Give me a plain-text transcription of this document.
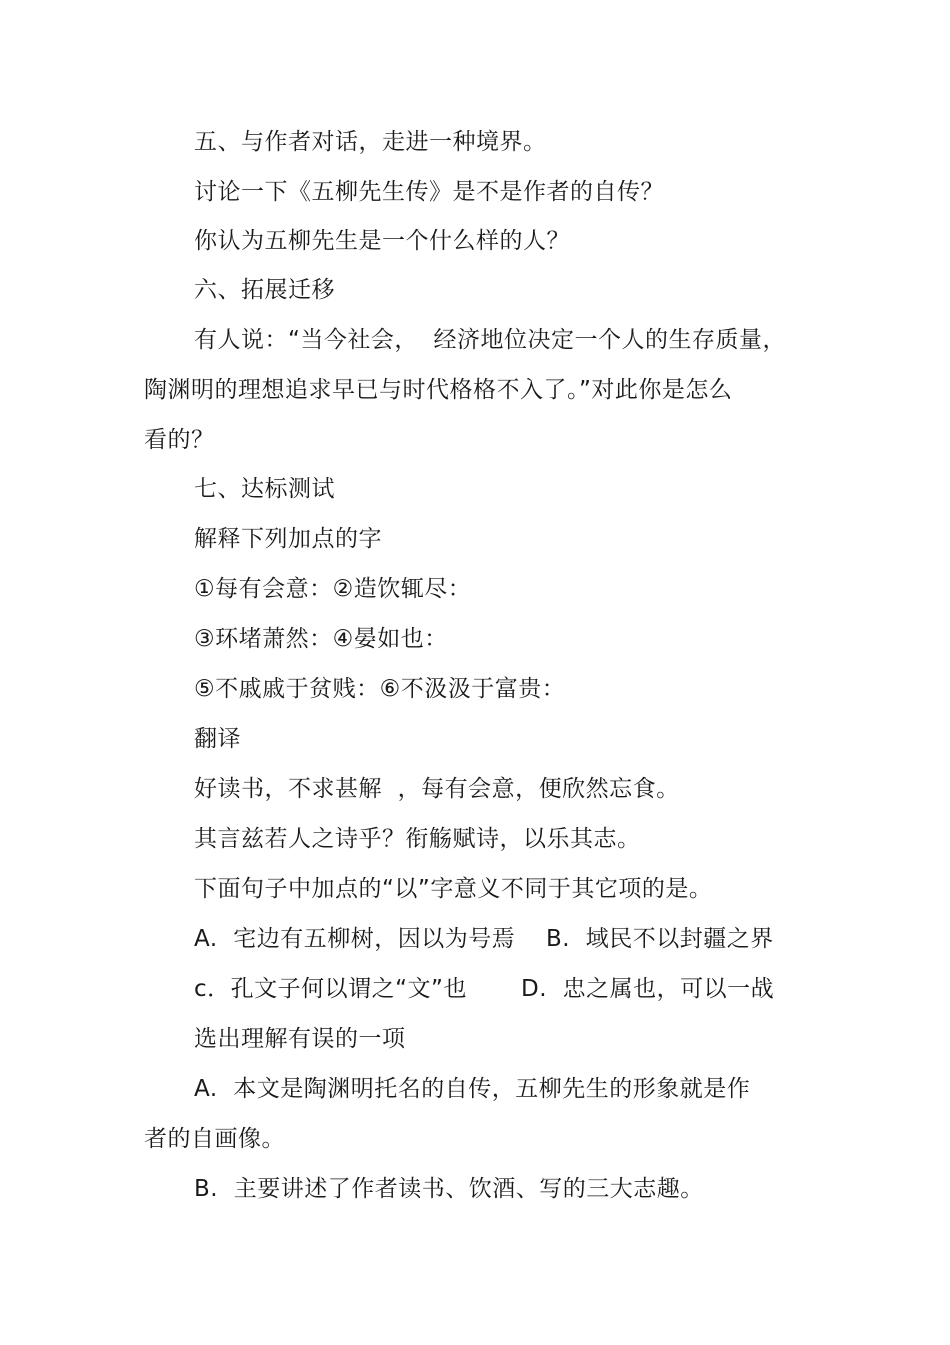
五、与作者对话，走进一种境界。
讨论一下《五柳先生传》是不是作者的自传？
你认为五柳先生是一个什么样的人？
六、拓展迁移
有人说：“当今社会，  经济地位决定一个人的生存质量，
陶渊明的理想追求早已与时代格格不入了。”对此你是怎么
看的？
七、达标测试
解释下列加点的字
①每有会意：②造饮辄尽：
③环堵萧然：④晏如也：
⑤不戚戚于贫贱：⑥不汲汲于富贵：
翻译
好读书，不求甚解  ，每有会意，便欣然忘食。
其言兹若人之诗乎？衔觞赋诗，以乐其志。
下面句子中加点的“以”字意义不同于其它项的是。
A.  宅边有五柳树，因以为号焉 B.  域民不以封疆之界
c．孔文子何以谓之“文”也 D.  忠之属也，可以一战
选出理解有误的一项
A.  本文是陶渊明托名的自传，五柳先生的形象就是作
者的自画像。
B.  主要讲述了作者读书、饮酒、写的三大志趣。
